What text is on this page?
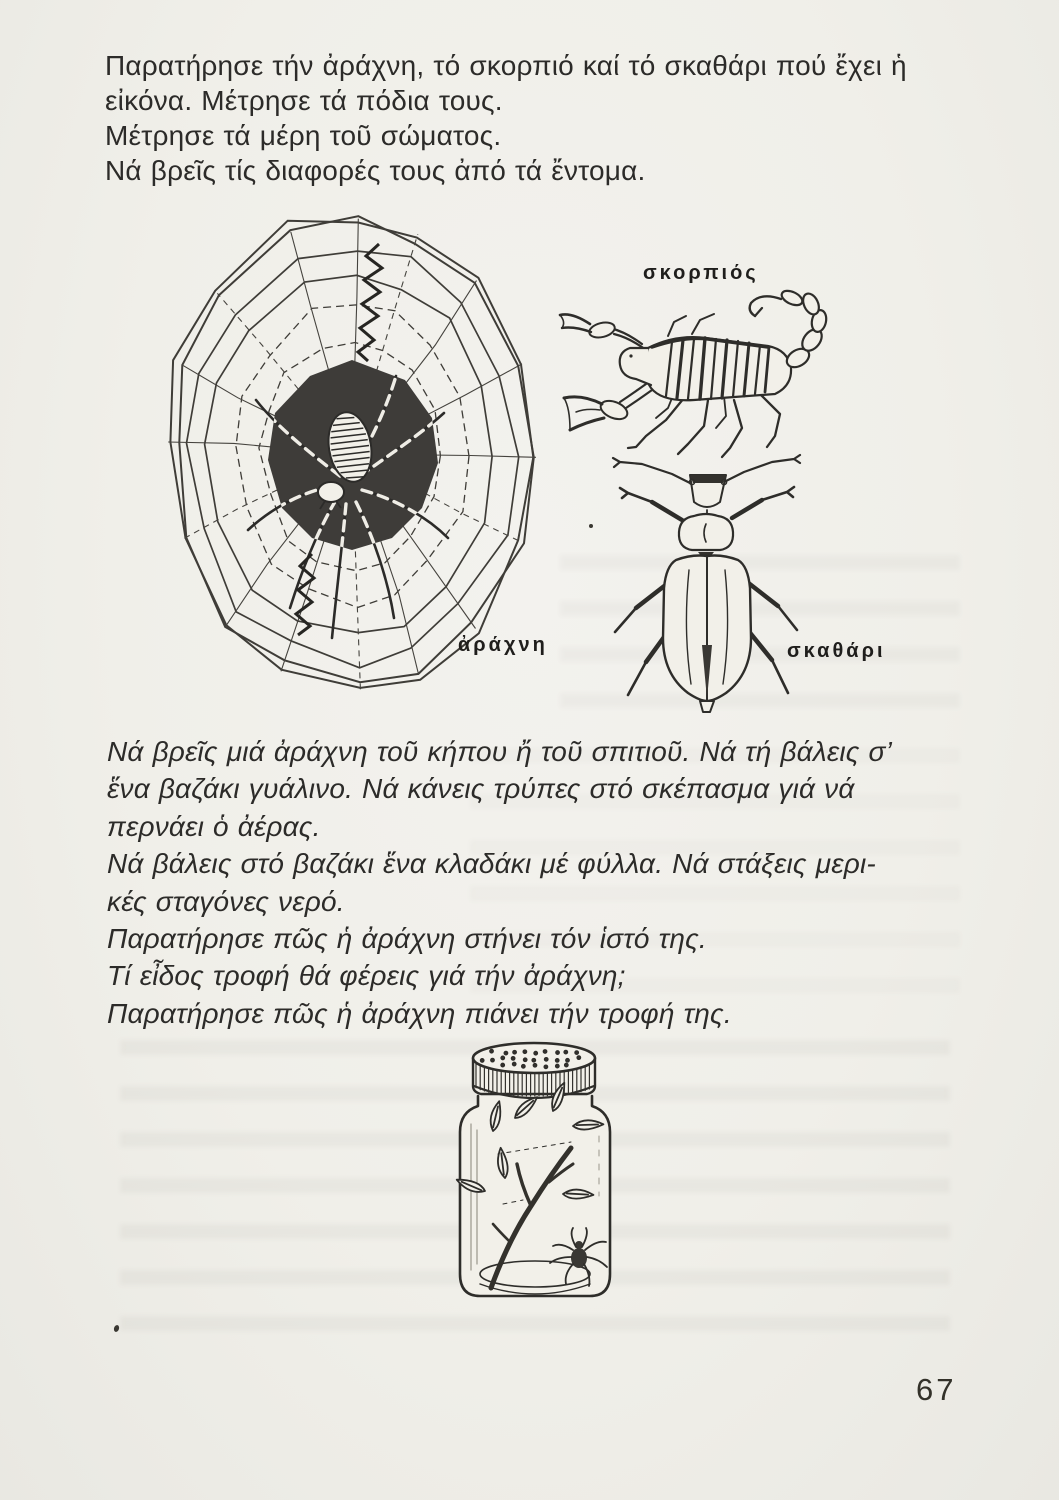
Παρατήρησε τήν ἀράχνη, τό σκορπιό καί τό σκαθάρι πού ἔχει ἡ
εἰκόνα. Μέτρησε τά πόδια τους.
Μέτρησε τά μέρη τοῦ σώματος.
Νά βρεῖς τίς διαφορές τους ἀπό τά ἔντομα.
σκορπιός
ἀράχνη	σκαθάρι
Νά βρεῖς μιά ἀράχνη τοῦ κήπου ἤ τοῦ σπιτιοῦ. Νά τή βάλεις σ’
ἕνα βαζάκι γυάλινο. Νά κάνεις τρύπες στό σκέπασμα γιά νά
περνάει ὁ ἀέρας.
Νά βάλεις στό βαζάκι ἕνα κλαδάκι μέ φύλλα. Νά στάξεις μερι-
κές σταγόνες νερό.
Παρατήρησε πῶς ἡ ἀράχνη στήνει τόν ἱστό της.
Τί εἶδος τροφή θά φέρεις γιά τήν ἀράχνη;
Παρατήρησε πῶς ἡ ἀράχνη πιάνει τήν τροφή της.
67
